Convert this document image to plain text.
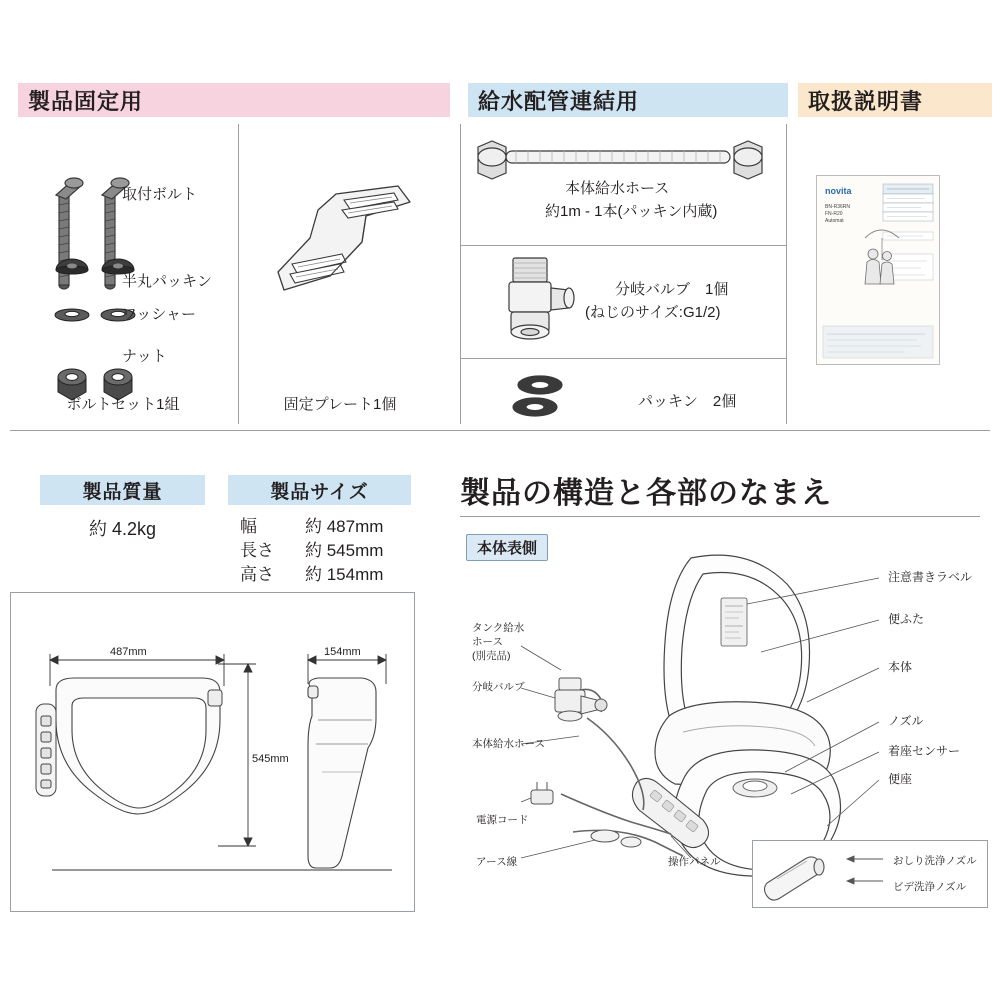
製品固定用	給水配管連結用	取扱説明書
取付ボルト
半丸パッキン
ワッシャー
ナット
ボルトセット1組	固定プレート1個
本体給水ホース
約1m - 1本(パッキン内蔵)
分岐バルブ　1個
(ねじのサイズ:G1/2)
パッキン　2個
novita
BN-R36RN
FN-R20
Automat
製品質量
約 4.2kg
製品サイズ
幅	約 487mm
長さ 約 545mm
高さ 約 154mm
487mm
545mm
154mm
製品の構造と各部のなまえ
本体表側
注意書きラベル
便ふた
本体
ノズル
着座センサー
便座
タンク給水
ホース
(別売品)
分岐バルブ
本体給水ホース
電源コード
アース線	操作パネル	おしり洗浄ノズル
ビデ洗浄ノズル
